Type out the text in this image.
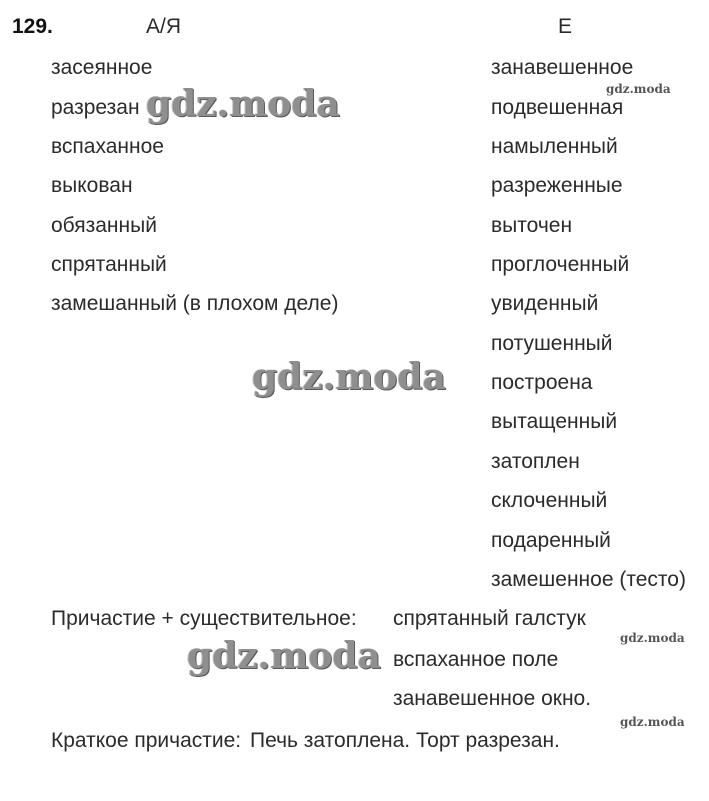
129.	А/Я	Е
засеянное
разрезан
вспаханное
выкован
обязанный
спрятанный
замешанный (в плохом деле)
занавешенное
подвешенная
намыленный
разреженные
выточен
проглоченный
увиденный
потушенный
построена
вытащенный
затоплен
склоченный
подаренный
замешенное (тесто)
Причастие + существительное: спрятанный галстук
вспаханное поле
занавешенное окно.
Краткое причастие: Печь затоплена. Торт разрезан.
gdz.moda
gdz.moda
gdz.moda
gdz.moda
gdz.moda
gdz.moda
